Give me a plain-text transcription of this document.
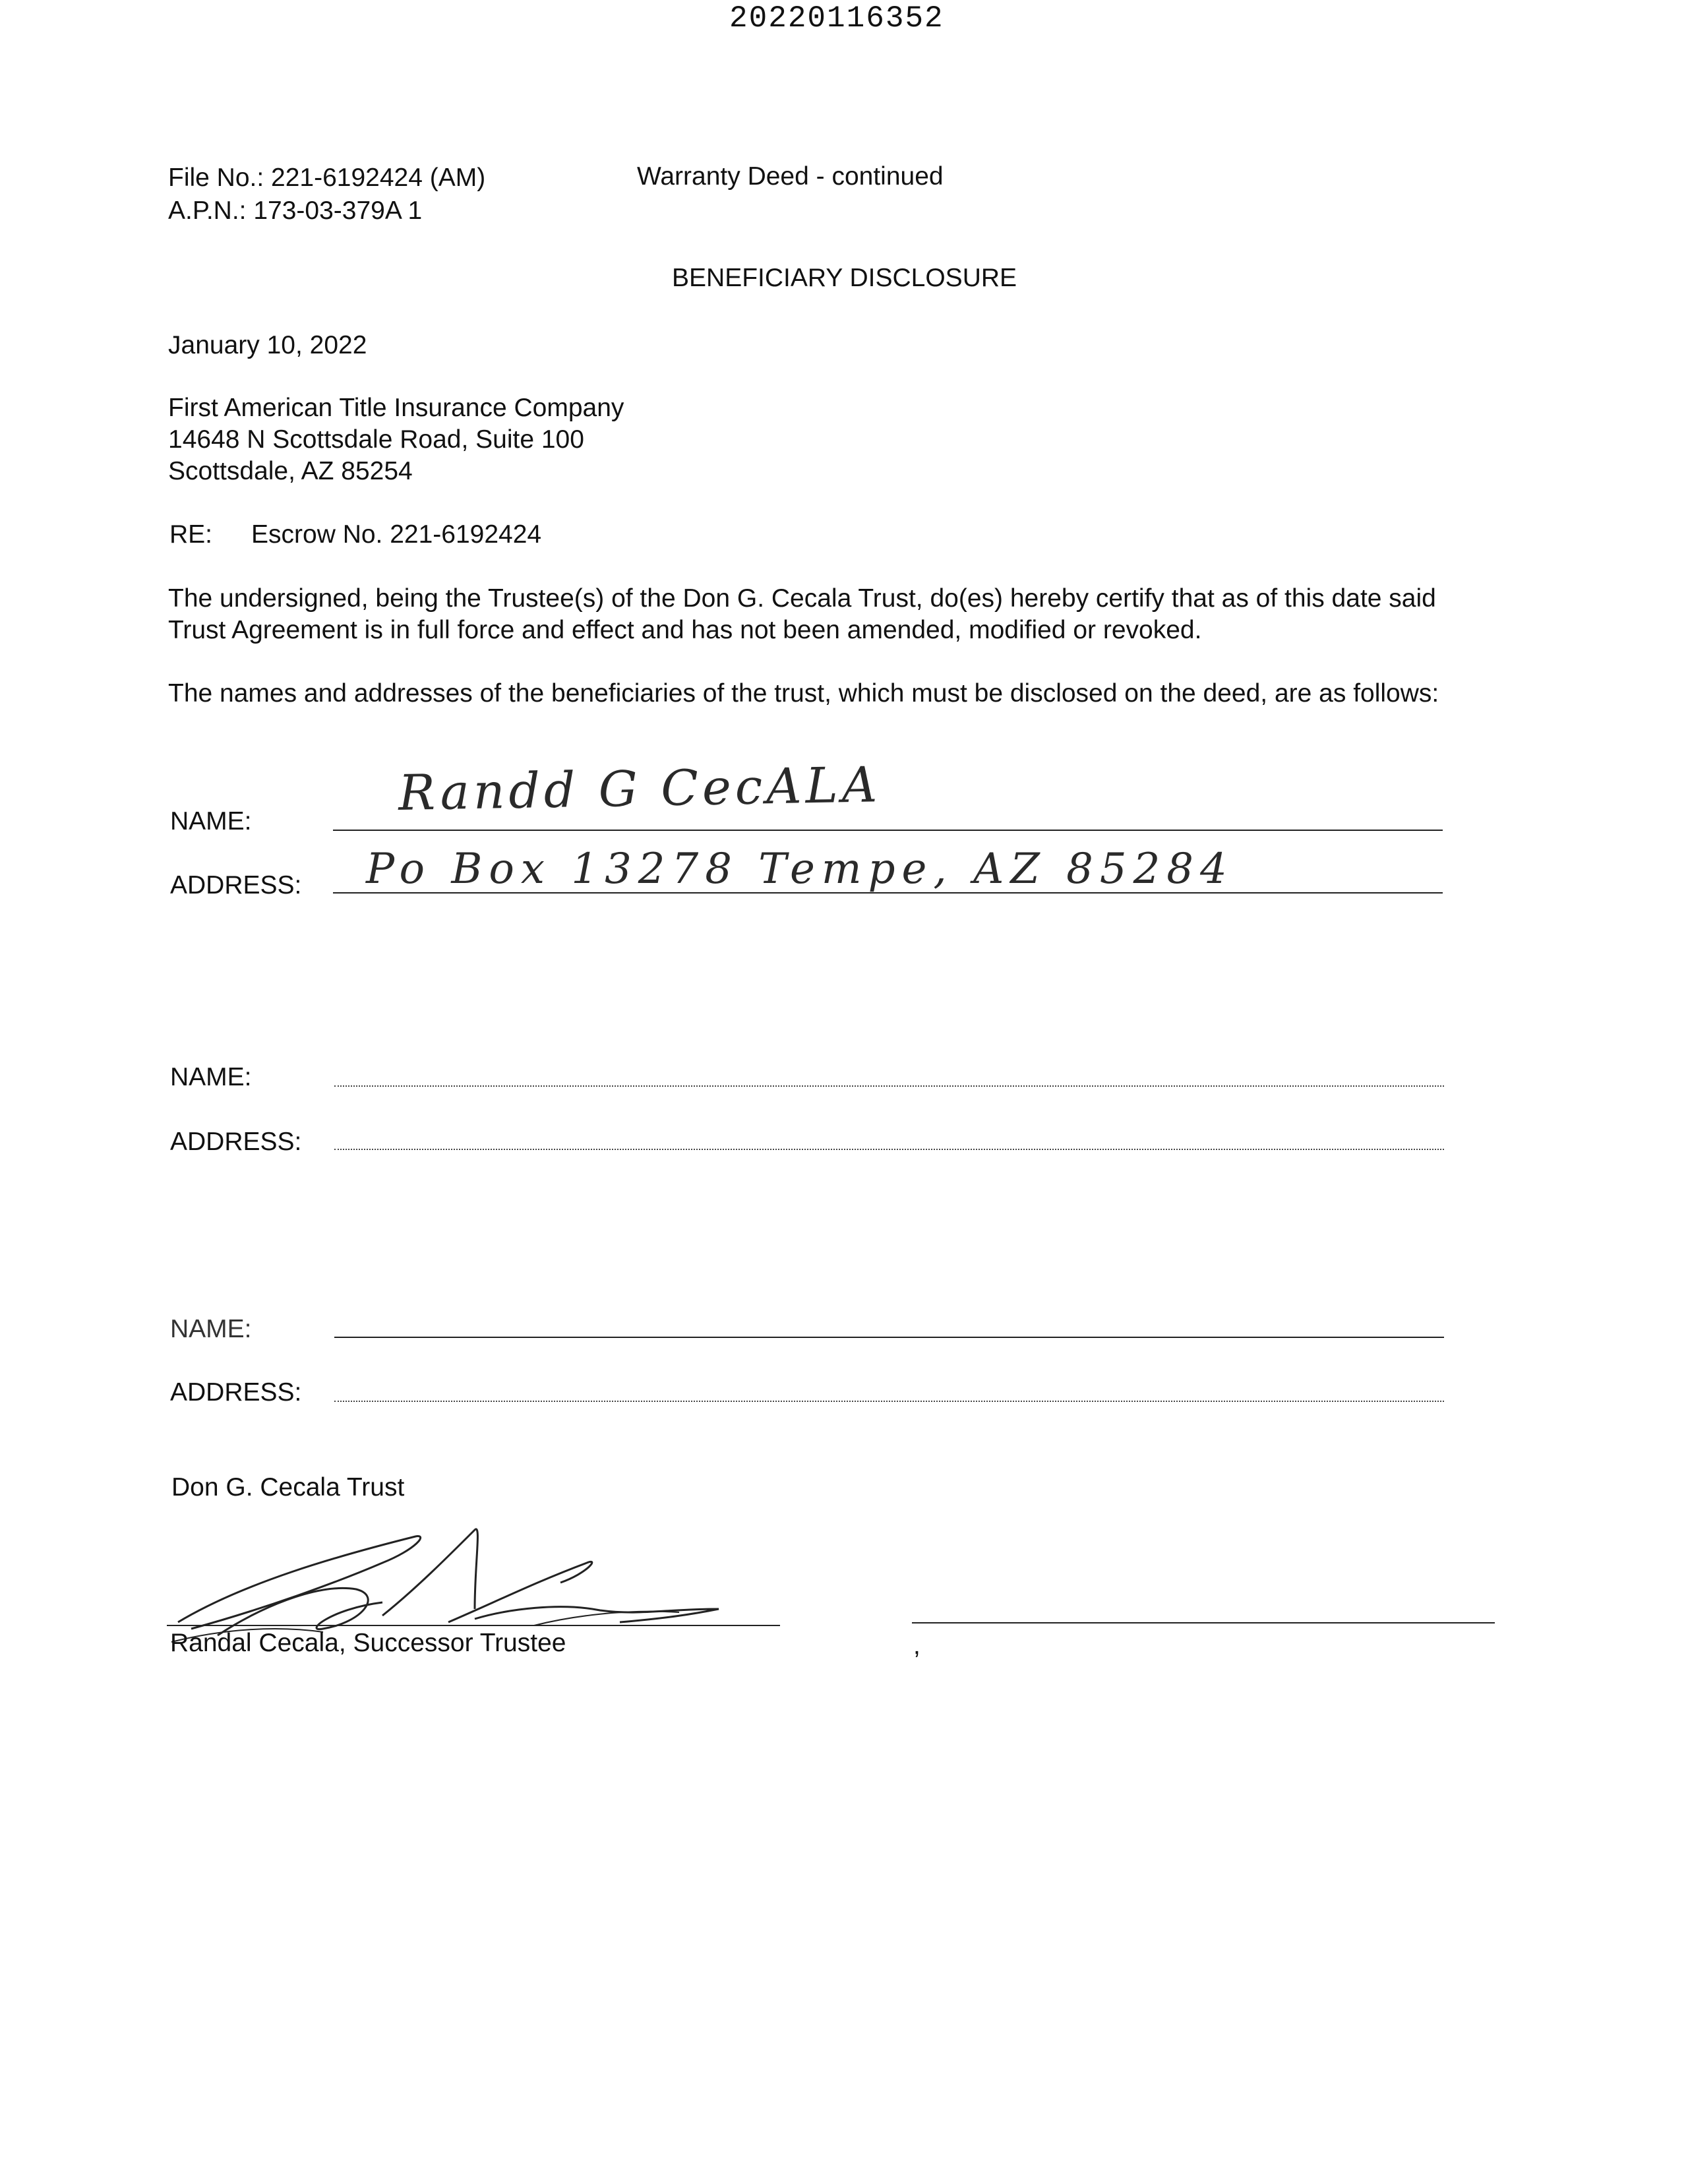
20220116352
File No.: 221-6192424 (AM)
A.P.N.: 173-03-379A 1
Warranty Deed - continued
BENEFICIARY DISCLOSURE
January 10, 2022
First American Title Insurance Company
14648 N Scottsdale Road, Suite 100
Scottsdale, AZ 85254
RE: Escrow No. 221-6192424
The undersigned, being the Trustee(s) of the Don G. Cecala Trust, do(es) hereby certify that as of this date said
Trust Agreement is in full force and effect and has not been amended, modified or revoked.
The names and addresses of the beneficiaries of the trust, which must be disclosed on the deed, are as follows:
NAME:	Randd G CecALA
ADDRESS: Po Box 13278 Tempe, AZ 85284
NAME:
ADDRESS:
NAME:
ADDRESS:
Don G. Cecala Trust
Randal Cecala, Successor Trustee	,
